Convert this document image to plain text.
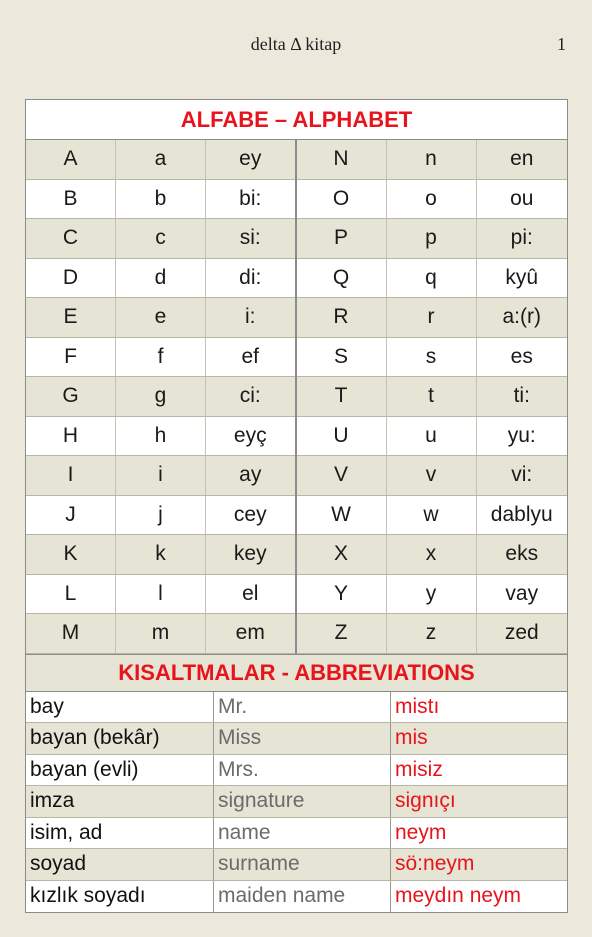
delta Δ kitap	1
ALFABE – ALPHABET
A	a	ey
B	b	bi:
C	c	si:
D	d	di:
E	e	i:
F	f	ef
G	g	ci:
H	h	eyç
I	i	ay
J	j	cey
K	k	key
L	l	el
M	m	em
N	n	en
O	o	ou
P	p	pi:
Q	q	kyû
R	r	a:(r)
S	s	es
T	t	ti:
U	u	yu:
V	v	vi:
W	w	dablyu
X	x	eks
Y	y	vay
Z	z	zed
KISALTMALAR - ABBREVIATIONS
bay	Mr.	mistı
bayan (bekâr)	Miss	mis
bayan (evli)	Mrs.	misiz
imza	signature	signıçı
isim, ad	name	neym
soyad	surname	sö:neym
kızlık soyadı	maiden name	meydın neym
